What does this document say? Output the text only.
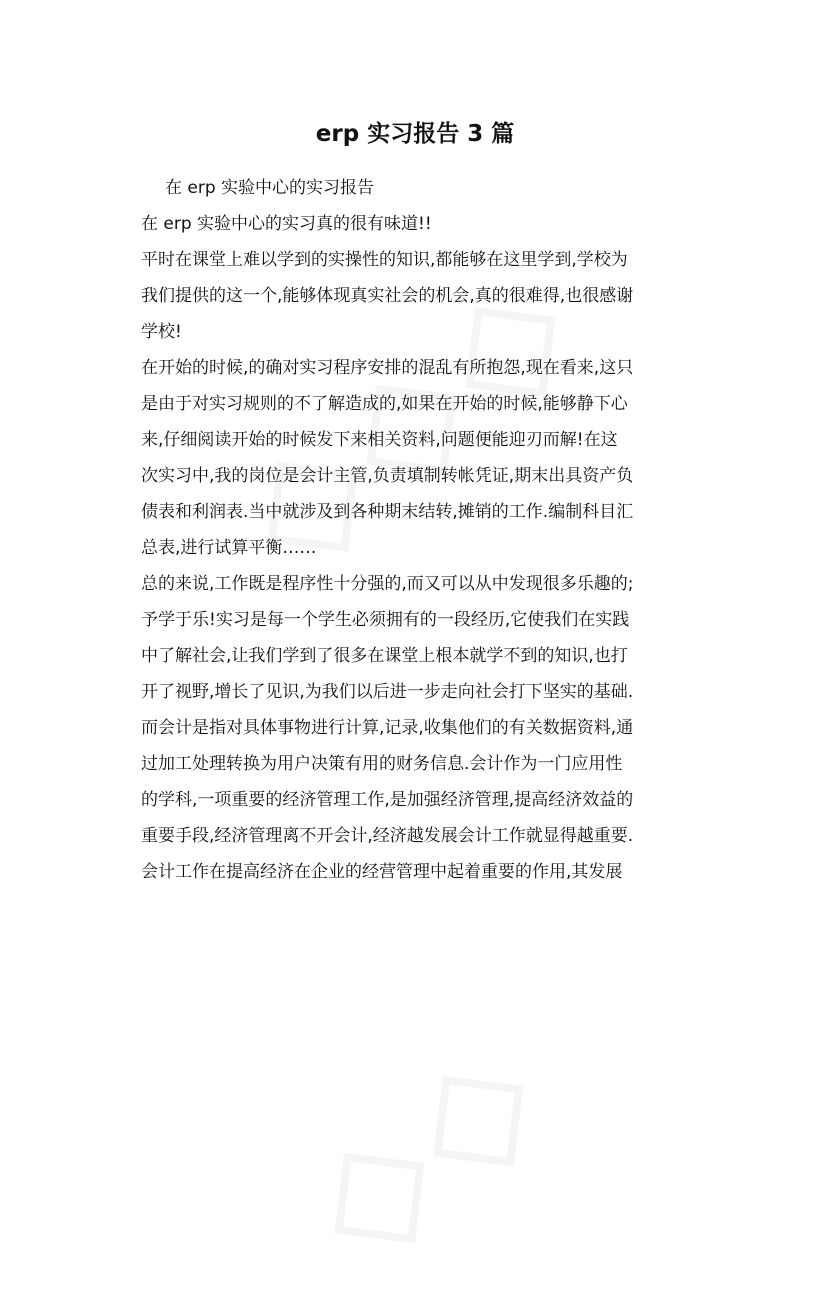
erp 实习报告 3 篇
在 erp 实验中心的实习报告
在 erp 实验中心的实习真的很有味道!!
平时在课堂上难以学到的实操性的知识,都能够在这里学到,学校为
我们提供的这一个,能够体现真实社会的机会,真的很难得,也很感谢
学校!
在开始的时候,的确对实习程序安排的混乱有所抱怨,现在看来,这只
是由于对实习规则的不了解造成的,如果在开始的时候,能够静下心
来,仔细阅读开始的时候发下来相关资料,问题便能迎刃而解!在这
次实习中,我的岗位是会计主管,负责填制转帐凭证,期末出具资产负
债表和利润表.当中就涉及到各种期末结转,摊销的工作.编制科目汇
总表,进行试算平衡……
总的来说,工作既是程序性十分强的,而又可以从中发现很多乐趣的;
予学于乐!实习是每一个学生必须拥有的一段经历,它使我们在实践
中了解社会,让我们学到了很多在课堂上根本就学不到的知识,也打
开了视野,增长了见识,为我们以后进一步走向社会打下坚实的基础.
而会计是指对具体事物进行计算,记录,收集他们的有关数据资料,通
过加工处理转换为用户决策有用的财务信息.会计作为一门应用性
的学科,一项重要的经济管理工作,是加强经济管理,提高经济效益的
重要手段,经济管理离不开会计,经济越发展会计工作就显得越重要.
会计工作在提高经济在企业的经营管理中起着重要的作用,其发展
